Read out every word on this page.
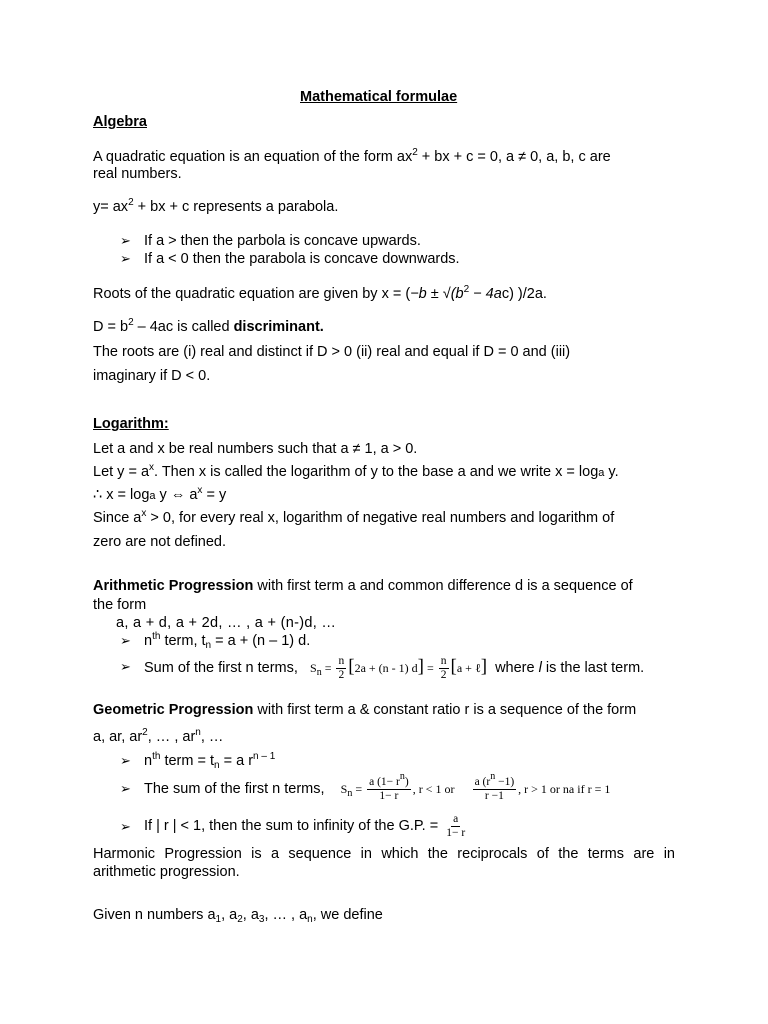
Mathematical formulae
Algebra
A quadratic equation is an equation of the form $ax^2$ + bx + c = 0, a ≠ 0, a, b, c are
real numbers.
$y= ax^2$ + bx + c represents a parabola.
➢ If a > then the parbola is concave upwards.
➢ If a < 0 then the parabola is concave downwards.
Roots of the quadratic equation are given by $x = (-b \pm √(b^2 - 4ac)$ )/2a.
$D = b^2 - 4ac$ is called discriminant.
The roots are (i) real and distinct if D > 0 (ii) real and equal if D = 0 and (iii)
imaginary if D < 0.
Logarithm:
Let a and x be real numbers such that a ≠ 1, a > 0.
Let $y = a^x$. Then x is called the logarithm of y to the base a and we write x = loga y.
∴ x = loga y ⇔ $a^x = y$
Since $a^x > 0$, for every real x, logarithm of negative real numbers and logarithm of
zero are not defined.
Arithmetic Progression with first term a and common difference d is a sequence of
the form
a, a + d, a + 2d, … , a + (n-)d, …
➢ $n^{th}$ term, $t_n = a + (n - 1)$ d.
➢ Sum of the first n terms, $S_n = \frac{n}{2} [2a + (n - 1) d] = \frac{n}{2} [a$ + ℓ] where l is the last term.
Geometric Progression with first term a & constant ratio r is a sequence of the form
a, ar, $ar^2$, … , $ar^n$, …
➢ $n^{th}$ term = $t_n = a$ $r^{n - 1}$
➢ The sum of the first n terms, $S_n = \frac{a (1- r^n)}{1- r}$ , r < 1 or $\frac{a (r^n -1)}{r -1}$ , r > 1 or na if r = 1
➢ If | r | < 1, then the sum to infinity of the G.P. = $\frac{a}{1- r}$
Harmonic Progression is a sequence in which the reciprocals of the terms are in
arithmetic progression.
Given n numbers $a_1$, $a_2$, $a_3$, … , $a_n$, we define
